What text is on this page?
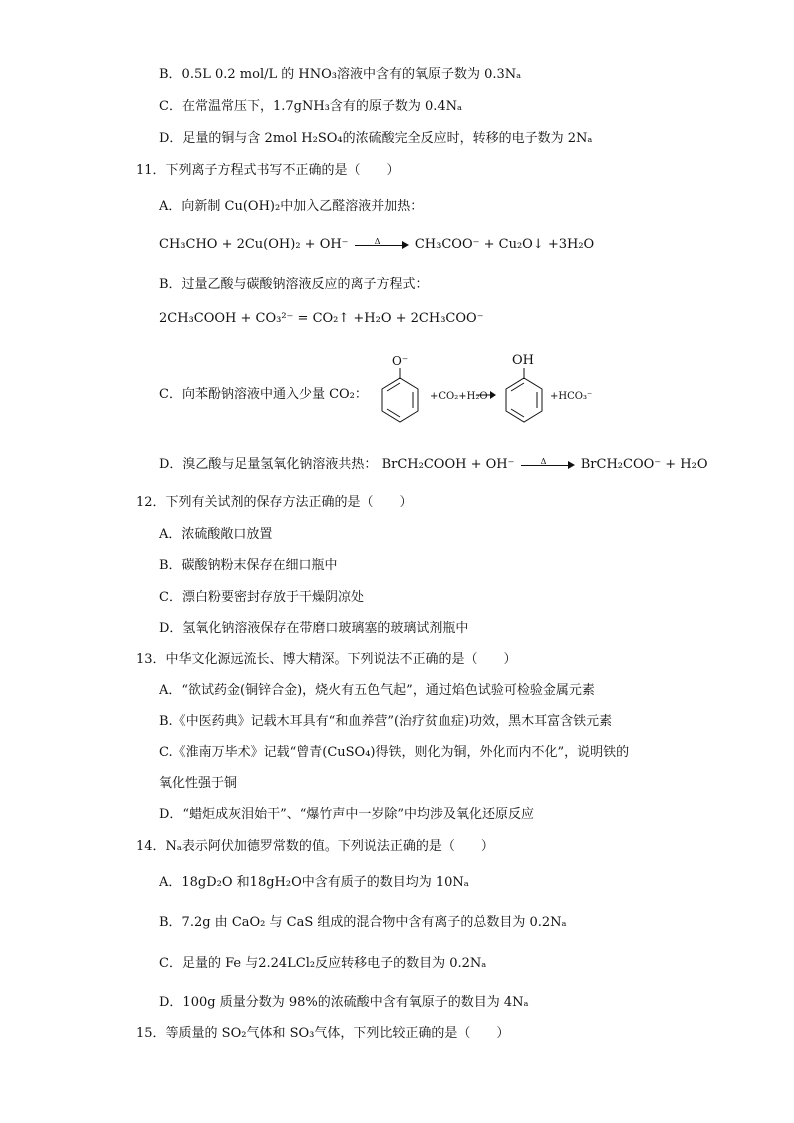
B．0.5L 0.2 mol/L 的 HNO₃溶液中含有的氧原子数为 0.3Nₐ
C．在常温常压下，1.7gNH₃含有的原子数为 0.4Nₐ
D．足量的铜与含 2mol H₂SO₄的浓硫酸完全反应时，转移的电子数为 2Nₐ
11．下列离子方程式书写不正确的是（　　）
A．向新制 Cu(OH)₂中加入乙醛溶液并加热：
CH₃CHO + 2Cu(OH)₂ + OH⁻	Δ	CH₃COO⁻ + Cu₂O↓ +3H₂O
B．过量乙酸与碳酸钠溶液反应的离子方程式：
2CH₃COOH + CO₃²⁻ = CO₂↑ +H₂O + 2CH₃COO⁻
C．向苯酚钠溶液中通入少量 CO₂：
O⁻
+CO₂+H₂O
OH
+HCO₃⁻
D．溴乙酸与足量氢氧化钠溶液共热： BrCH₂COOH + OH⁻	Δ	BrCH₂COO⁻ + H₂O
12．下列有关试剂的保存方法正确的是（　　）
A．浓硫酸敞口放置
B．碳酸钠粉末保存在细口瓶中
C．漂白粉要密封存放于干燥阴凉处
D．氢氧化钠溶液保存在带磨口玻璃塞的玻璃试剂瓶中
13．中华文化源远流长、博大精深。下列说法不正确的是（　　）
A．“欲试药金(铜锌合金)，烧火有五色气起”，通过焰色试验可检验金属元素
B.《中医药典》记载木耳具有“和血养营”(治疗贫血症)功效，黑木耳富含铁元素
C.《淮南万毕术》记载“曾青(CuSO₄)得铁，则化为铜，外化而内不化”，说明铁的
氧化性强于铜
D．“蜡炬成灰泪始干”、“爆竹声中一岁除”中均涉及氧化还原反应
14．Nₐ表示阿伏加德罗常数的值。下列说法正确的是（　　）
A．18gD₂O 和18gH₂O中含有质子的数目均为 10Nₐ
B．7.2g 由 CaO₂ 与 CaS 组成的混合物中含有离子的总数目为 0.2Nₐ
C．足量的 Fe 与2.24LCl₂反应转移电子的数目为 0.2Nₐ
D．100g 质量分数为 98%的浓硫酸中含有氧原子的数目为 4Nₐ
15．等质量的 SO₂气体和 SO₃气体，下列比较正确的是（　　）
